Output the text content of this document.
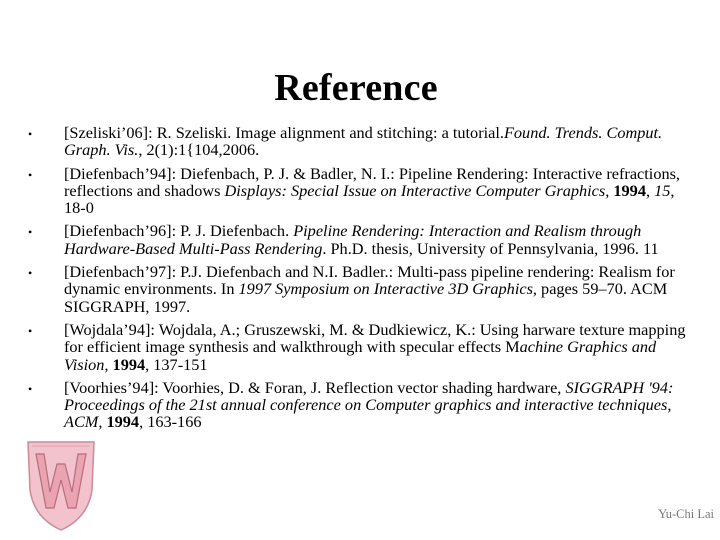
Reference
• [Szeliski’06]: R. Szeliski. Image alignment and stitching: a tutorial.Found. Trends. Comput. Graph. Vis., 2(1):1{104,2006.
• [Diefenbach’94]: Diefenbach, P. J. & Badler, N. I.: Pipeline Rendering: Interactive refractions, reflections and shadows Displays: Special Issue on Interactive Computer Graphics, 1994, 15, 18-0
• [Diefenbach’96]: P. J. Diefenbach. Pipeline Rendering: Interaction and Realism through Hardware-Based Multi-Pass Rendering. Ph.D. thesis, University of Pennsylvania, 1996. 11
• [Diefenbach’97]: P.J. Diefenbach and N.I. Badler.: Multi-pass pipeline rendering: Realism for dynamic environments. In 1997 Symposium on Interactive 3D Graphics, pages 59–70. ACM SIGGRAPH, 1997.
• [Wojdala’94]: Wojdala, A.; Gruszewski, M. & Dudkiewicz, K.: Using harware texture mapping for efficient image synthesis and walkthrough with specular effects Machine Graphics and Vision, 1994, 137-151
• [Voorhies’94]: Voorhies, D. & Foran, J. Reflection vector shading hardware, SIGGRAPH '94: Proceedings of the 21st annual conference on Computer graphics and interactive techniques, ACM, 1994, 163-166
Yu-Chi Lai
